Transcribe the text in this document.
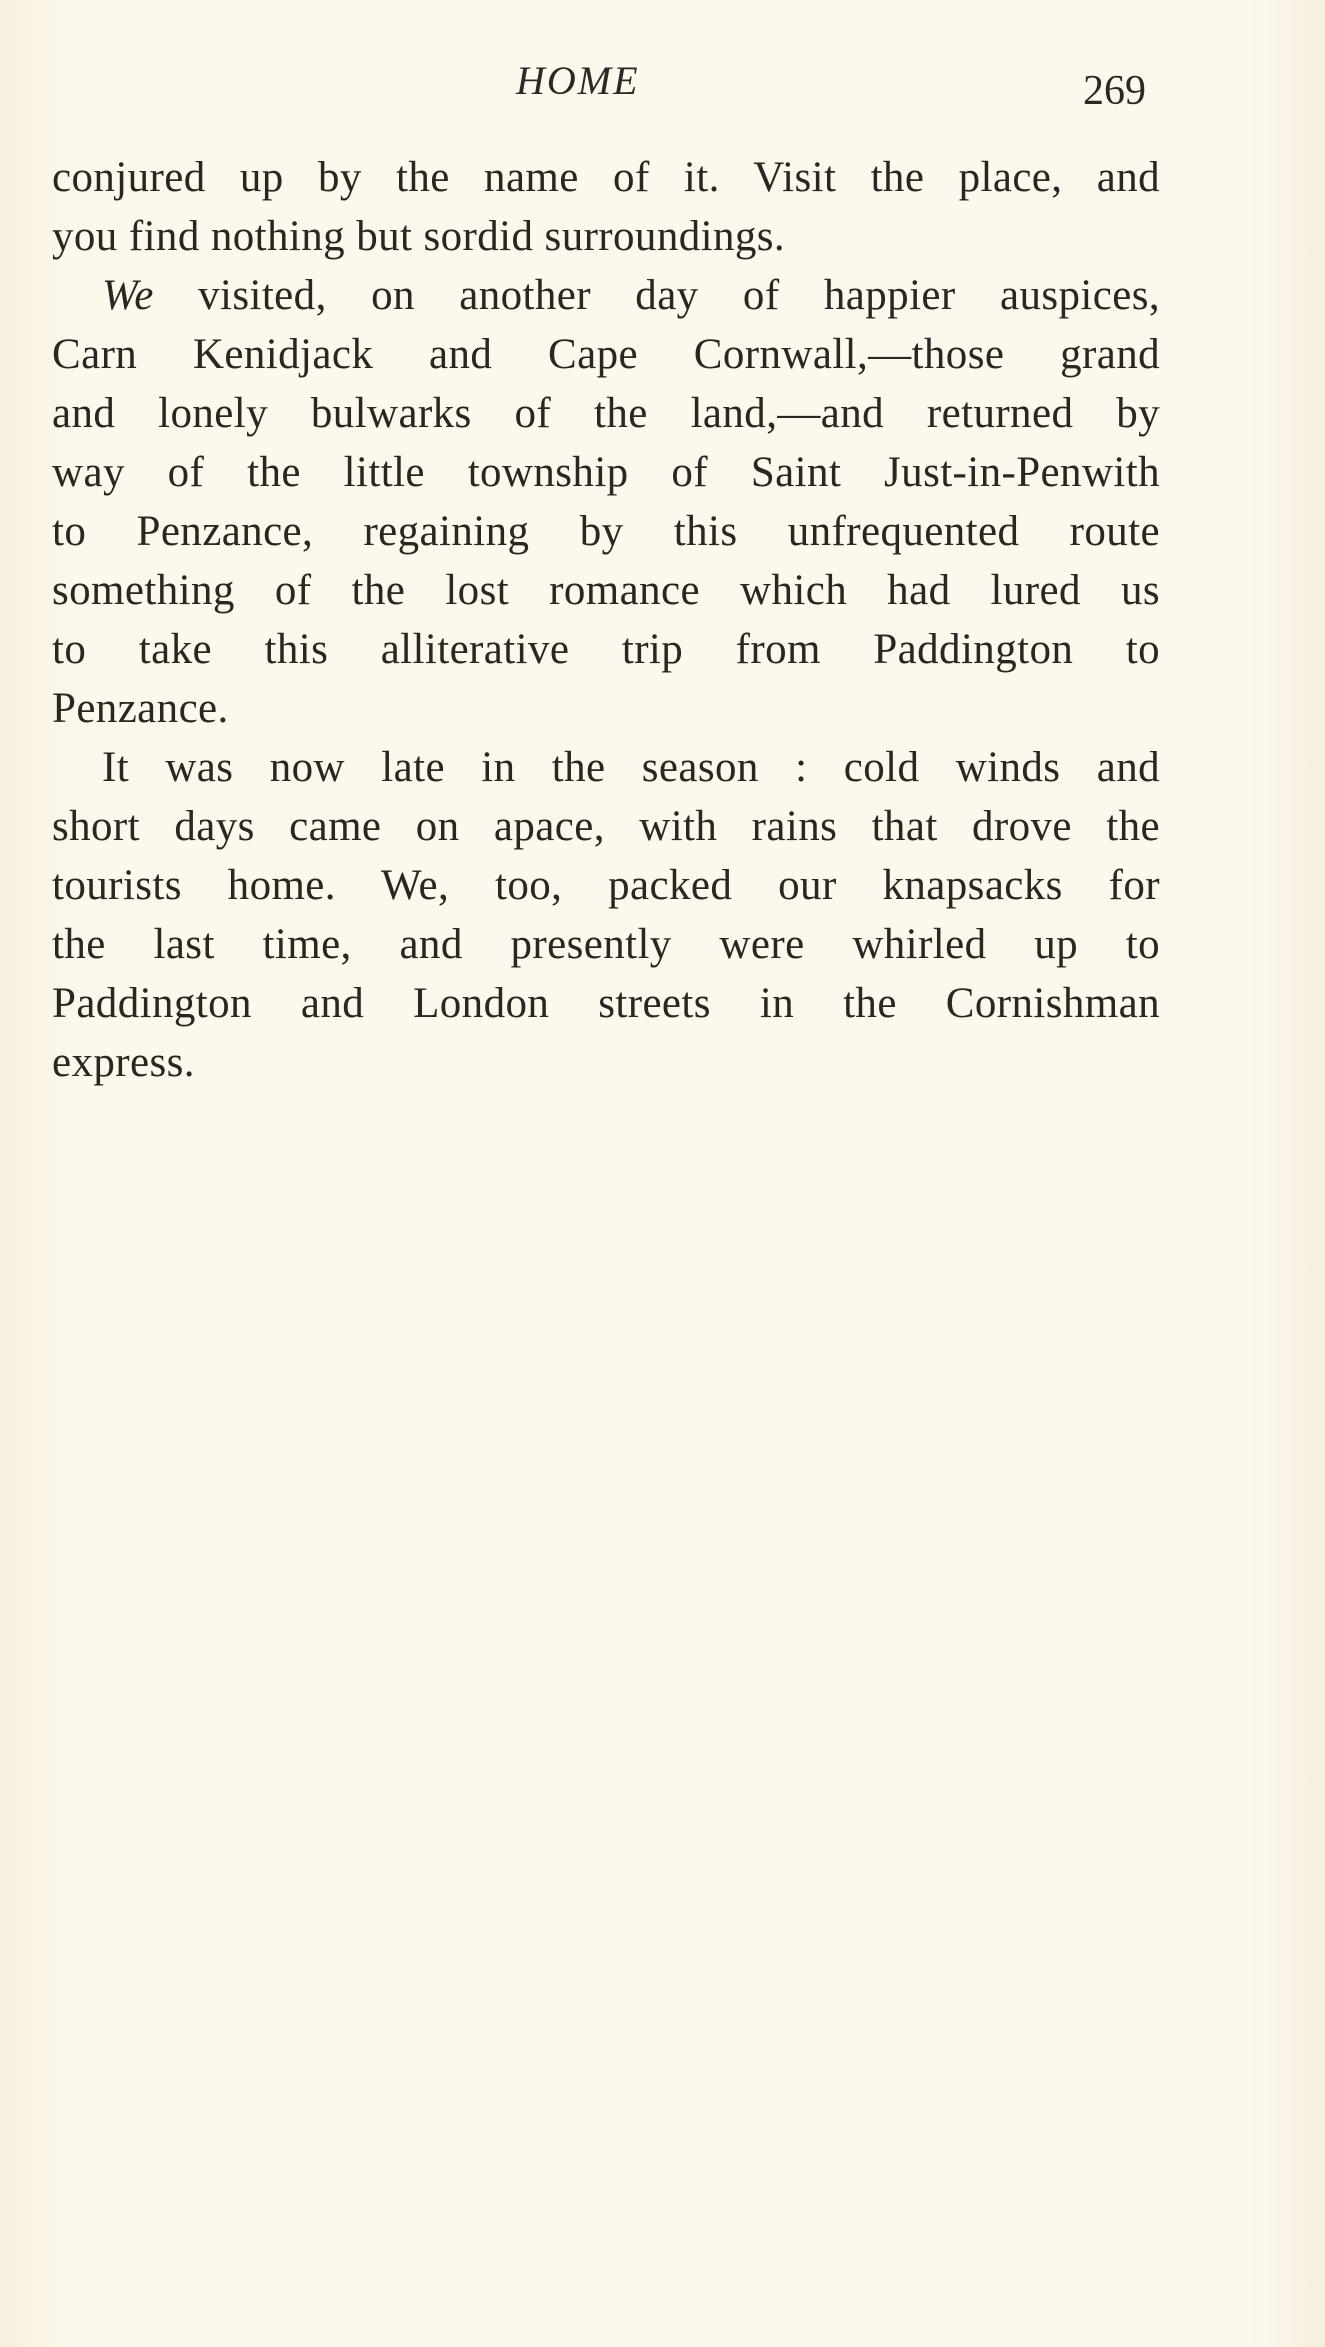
HOME	269
conjured up by the name of it. Visit the place, and
you find nothing but sordid surroundings.
We visited, on another day of happier auspices,
Carn Kenidjack and Cape Cornwall,—those grand
and lonely bulwarks of the land,—and returned by
way of the little township of Saint Just-in-Penwith
to Penzance, regaining by this unfrequented route
something of the lost romance which had lured us
to take this alliterative trip from Paddington to
Penzance.
It was now late in the season : cold winds and
short days came on apace, with rains that drove the
tourists home. We, too, packed our knapsacks for
the last time, and presently were whirled up to
Paddington and London streets in the Cornishman
express.
